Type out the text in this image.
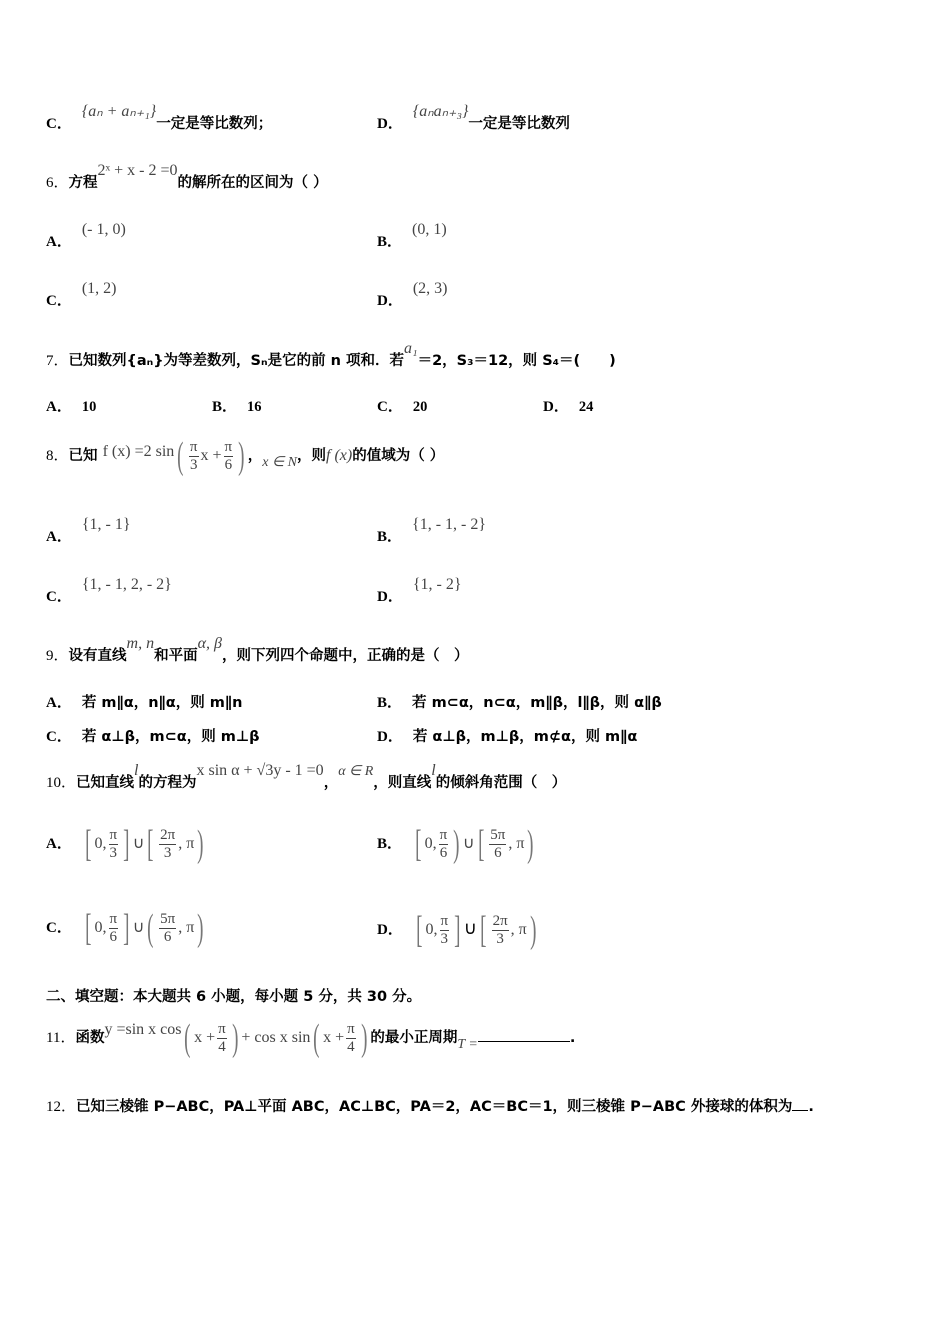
C．{aₙ + aₙ₊₁}一定是等比数列；	D．{aₙaₙ₊₃}一定是等比数列
6．方程2ˣ + x - 2 =0的解所在的区间为（ ）
A．(- 1, 0)
B．(0, 1)
C．(1, 2)
D．(2, 3)
7．已知数列{aₙ}为等差数列，Sₙ是它的前 n 项和．若a₁＝2，S₃＝12，则 S₄＝(　　)
A． 10	B． 16	C． 20	D． 24
8．已知 f (x) =2 $\sin( \frac{\pi}{3}$ $x + \frac{\pi}{6}$ ) ，x ∈ N，则f (x)的值域为（ ）
A．{1, - 1}
B．{1, - 1, - 2}
C．{1, - 1, 2, - 2}
D．{1, - 2}
9．设有直线m, n和平面α, β，则下列四个命题中，正确的是（　）
A． 若 m∥α，n∥α，则 m∥n	B． 若 m⊂α，n⊂α，m∥β，l∥β，则 α∥β
C． 若 α⊥β，m⊂α，则 m⊥β	D． 若 α⊥β，m⊥β，m⊄α，则 m∥α
10．已知直线l的方程为x sin α + √3y - 1 =0，α ∈ R，则直线l的倾斜角范围（　）
A． [ 0, $\frac{\pi}{3}$ ] ∪[ $\frac{2\pi}{3}$ , π)	B． [ 0, $\frac{\pi}{6}$ ) ∪[ $\frac{5\pi}{6}$ , π)
C． [ 0, $\frac{\pi}{6}$ ] ∪( $\frac{5\pi}{6}$ , π)	D． [ 0, $\frac{\pi}{3}$ ] ∪[ $\frac{2\pi}{3}$ , π)
二、填空题：本大题共 6 小题，每小题 5 分，共 30 分。
11．函数y =sin x cos( $x + \frac{\pi}{4}$ ) + cos x sin( $x + \frac{\pi}{4}$ ) 的最小正周期T =	.
12．已知三棱锥 P−ABC，PA⊥平面 ABC，AC⊥BC，PA＝2，AC＝BC＝1，则三棱锥 P−ABC 外接球的体积为 .
